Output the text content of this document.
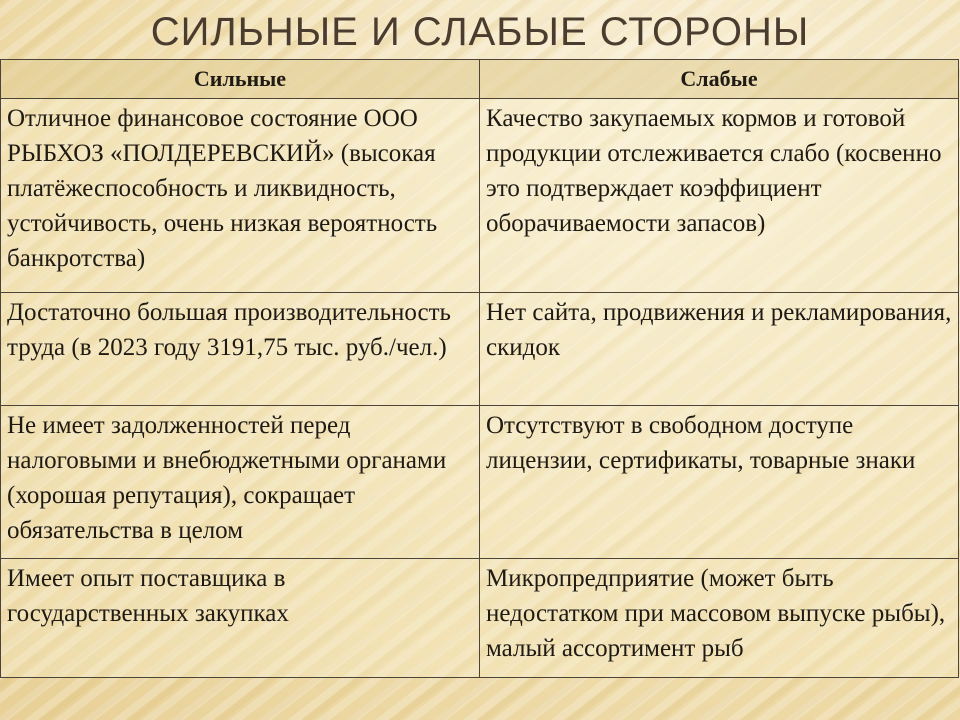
СИЛЬНЫЕ И СЛАБЫЕ СТОРОНЫ
Сильные	Слабые
Отличное финансовое состояние ООО РЫБХОЗ «ПОЛДЕРЕВСКИЙ» (высокая платёжеспособность и ликвидность, устойчивость, очень низкая вероятность банкротства)	Качество закупаемых кормов и готовой продукции отслеживается слабо (косвенно это подтверждает коэффициент оборачиваемости запасов)
Достаточно большая производительность труда (в 2023 году 3191,75 тыс. руб./чел.)	Нет сайта, продвижения и рекламирования, скидок
Не имеет задолженностей перед налоговыми и внебюджетными органами (хорошая репутация), сокращает обязательства в целом	Отсутствуют в свободном доступе лицензии, сертификаты, товарные знаки
Имеет опыт поставщика в государственных закупках	Микропредприятие (может быть недостатком при массовом выпуске рыбы), малый ассортимент рыб
